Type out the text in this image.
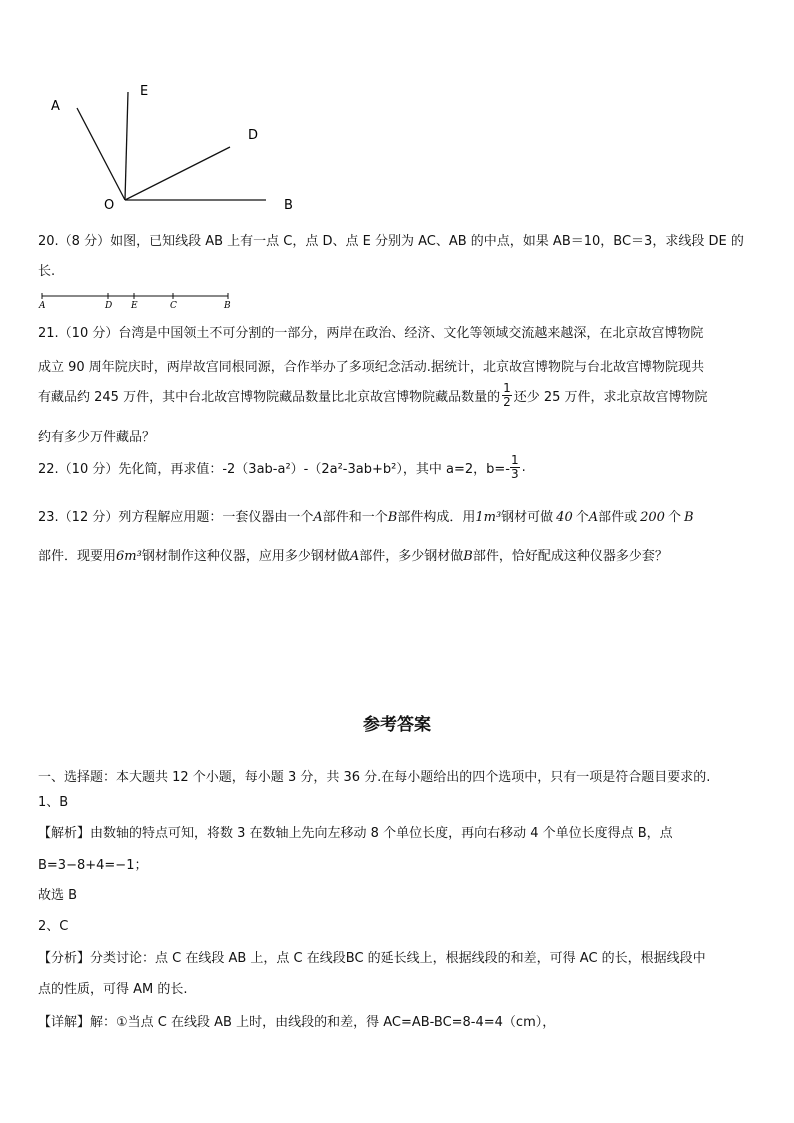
A
E
D
O	B
20.（8 分）如图，已知线段 AB 上有一点 C，点 D、点 E 分别为 AC、AB 的中点，如果 AB＝10，BC＝3，求线段 DE 的
长.
A	D E	C	B
21.（10 分）台湾是中国领土不可分割的一部分，两岸在政治、经济、文化等领域交流越来越深，在北京故宫博物院
成立 90 周年院庆时，两岸故宫同根同源，合作举办了多项纪念活动.据统计，北京故宫博物院与台北故宫博物院现共
有藏品约 245 万件，其中台北故宫博物院藏品数量比北京故宫博物院藏品数量的 $\frac{1}{2}$ 还少 25 万件，求北京故宫博物院
约有多少万件藏品？
22.（10 分）先化简，再求值：-2（3ab-a²）-（2a²-3ab+b²），其中 a=2，$b=- \frac{1}{3}$ .
23.（12 分）列方程解应用题：一套仪器由一个A部件和一个B部件构成．用1m³钢材可做 40 个A部件或 200 个 B
部件．现要用6m³钢材制作这种仪器，应用多少钢材做A部件，多少钢材做B部件，恰好配成这种仪器多少套？
参考答案
一、选择题：本大题共 12 个小题，每小题 3 分，共 36 分.在每小题给出的四个选项中，只有一项是符合题目要求的.
1、B
【解析】由数轴的特点可知，将数 3 在数轴上先向左移动 8 个单位长度，再向右移动 4 个单位长度得点 B，点
B=3−8+4=−1；
故选 B
2、C
【分析】分类讨论：点 C 在线段 AB 上，点 C 在线段BC 的延长线上，根据线段的和差，可得 AC 的长，根据线段中
点的性质，可得 AM 的长.
【详解】解：①当点 C 在线段 AB 上时，由线段的和差，得 AC=AB-BC=8-4=4（cm），
